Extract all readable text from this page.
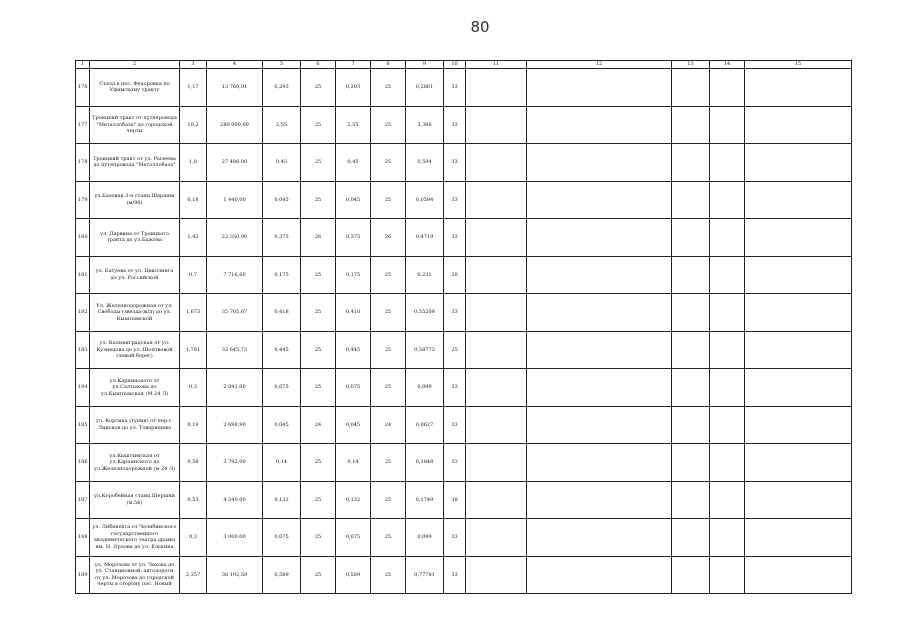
80
1	2	3	4	5	6	7	8	9	10	11	12	13	14	15
176	Съезд в пос. Федоровка по Уфимскому тракту	1,17	13 760,91	0,293	25	0,293	25	0,2861	33					
177	Троицкий тракт от путепровода "Металлобаза" до городской черты	10,2	280 000,00	2,55	25	2,55	25	3,366	33					
178	Троицкий тракт от ул. Рылеева до путепровода "Металлобаза"	1,8	27 486,00	0,45	25	0,45	25	0,594	33					
179	ул.Базовая 3-я станц.Шершни (м/96)	0,18	1 440,00	0,045	25	0,045	25	0,0594	33					
180	ул. Дарвина от Троицкого тракта до ул.Бажова	1,43	22 350,90	0,375	26	0,375	26	0,4719	33					
181	ул. Батуева от ул. Цвиллинга до ул. Российской	0,7	7 716,60	0,175	25	0,175	25	0,231	20					
182	Ул. Железнодорожная от ул. Свободы (звезда-ж/д) до ул. Кыштымской	1,673	35 705,67	0,418	25	0,418	25	0,55209	33					
183	ул. Калиниградская от ул. Кузнецова до ул. Шоптвовой (левый берег)	1,781	32 645,73	0,445	25	0,445	25	0,58773	25					
184	ул.Карпинского от ул.Салтыкова до ул.Кыштымская (М 24 Л)	0,3	2 041,00	0,075	25	0,075	25	0,099	33					
185	ул. Корсика (тупик) от пер.с. Линьков до ул. Товарищева	0,19	2 698,90	0,045	24	0,045	24	0,0627	33					
186	ул.Кыштымская от ул.Карпинского до ул.Железнодорожной (м 24 Л)	0,56	3 792,00	0,14	25	0,14	25	0,1848	33					
187	ул.Коробейная станц.Шершни (м.56)	0,53	4 240,00	0,132	25	0,132	25	0,1749	38					
188	ул. Либкнехта от Челябинского государственного академического театра драмы им. Н. Орлова до ул. Елькина	0,3	3 000,00	0,075	25	0,075	25	0,099	33					
189	ул. Морозова от ул. Чехова до ул. Станционной, автодороги от ул. Морозова до городской черты в сторону пос. Новый	2,357	36 192,59	0,589	25	0,589	25	0,77781	33					
